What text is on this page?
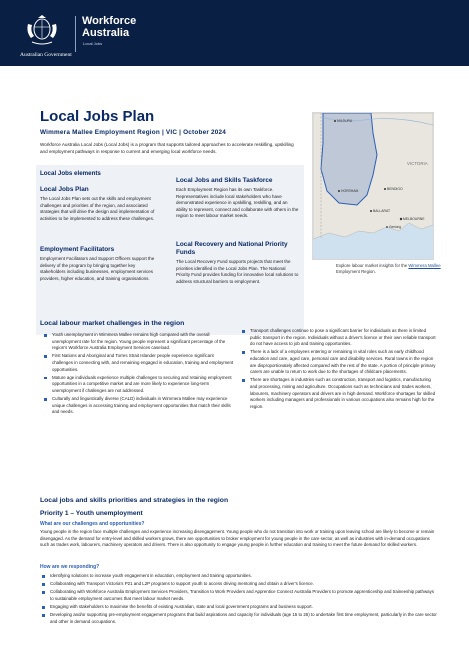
Australian Government
Workforce
Australia
Local Jobs
Local Jobs Plan
Wimmera Mallee Employment Region | VIC | October 2024
Workforce Australia Local Jobs (Local Jobs) is a program that supports tailored approaches to accelerate reskilling, upskilling and employment pathways in response to current and emerging local workforce needs.
Local Jobs elements
Local Jobs Plan

The Local Jobs Plan sets out the skills and employment challenges and priorities of the region, and associated strategies that will drive the design and implementation of activities to be implemented to address these challenges.

Employment Facilitators

Employment Facilitators and Support Officers support the delivery of the program by bringing together key stakeholders including businesses, employment services providers, higher education, and training organisations.

Local Jobs and Skills Taskforce

Each Employment Region has its own Taskforce. Representatives include local stakeholders who have demonstrated experience in upskilling, reskilling, and an ability to represent, connect and collaborate with others in the region to meet labour market needs.

Local Recovery and National Priority Funds

The Local Recovery Fund supports projects that meet the priorities identified in the Local Jobs Plan. The National Priority Fund provides funding for innovative local solutions to address structural barriers to employment.

MILDURA
VICTORIA
BENDIGO
HORSHAM
BALLARAT
MELBOURNE
Geelong
Explore labour market insights for the Wimmera Mallee Employment Region.
Local labour market challenges in the region
Youth unemployment in Wimmera Mallee remains high compared with the overall unemployment rate for the region. Young people represent a significant percentage of the region's Workforce Australia Employment Services caseload.
First Nations and Aboriginal and Torres Strait Islander people experience significant challenges in connecting with, and remaining engaged in education, training and employment opportunities.
Mature age individuals experience multiple challenges to securing and retaining employment opportunities in a competitive market and are more likely to experience long-term unemployment if challenges are not addressed.
Culturally and linguistically diverse (CALD) individuals in Wimmera Mallee may experience unique challenges in accessing training and employment opportunities that match their skills and needs.
Transport challenges continue to pose a significant barrier for individuals as there is limited public transport in the region. Individuals without a driver's licence or their own reliable transport do not have access to job and training opportunities.
There is a lack of a employees entering or remaining in vital roles such as early childhood education and care, aged care, personal care and disability services. Rural towns in the region are disproportionately affected compared with the rest of the state. A portion of principle primary carers are unable to return to work due to the shortages of childcare placements.
There are shortages in industries such as construction, transport and logistics, manufacturing and processing, mining and agriculture. Occupations such as technicians and trades workers, labourers, machinery operators and drivers are in high demand. Workforce shortages for skilled workers including managers and professionals in various occupations also remains high for the region.
Local jobs and skills priorities and strategies in the region
Priority 1 – Youth unemployment
What are our challenges and opportunities?

Young people in the region face multiple challenges and experience increasing disengagement. Young people who do not transition into work or training upon leaving school are likely to become or remain disengaged. As the demand for entry-level and skilled workers grows, there are opportunities to broker employment for young people in the care sector, as well as industries with in-demand occupations such as trades work, labourers, machinery operators and drivers. There is also opportunity to engage young people in further education and training to meet the future demand for skilled workers.

How are we responding?
Identifying solutions to increase youth engagement in education, employment and training opportunities.
Collaborating with Transport Victoria's P21 and L2P programs to support youth to access driving mentoring and obtain a driver's licence.
Collaborating with Workforce Australia Employment Services Providers, Transition to Work Providers and Apprentice Connect Australia Providers to promote apprenticeship and traineeship pathways to sustainable employment outcomes that meet labour market needs.
Engaging with stakeholders to maximise the benefits of existing Australian, state and local government programs and business support.
Developing and/or supporting pre-employment engagement programs that build aspirations and capacity for individuals (age 15 to 25) to undertake first time employment, particularly in the care sector and other in demand occupations.
